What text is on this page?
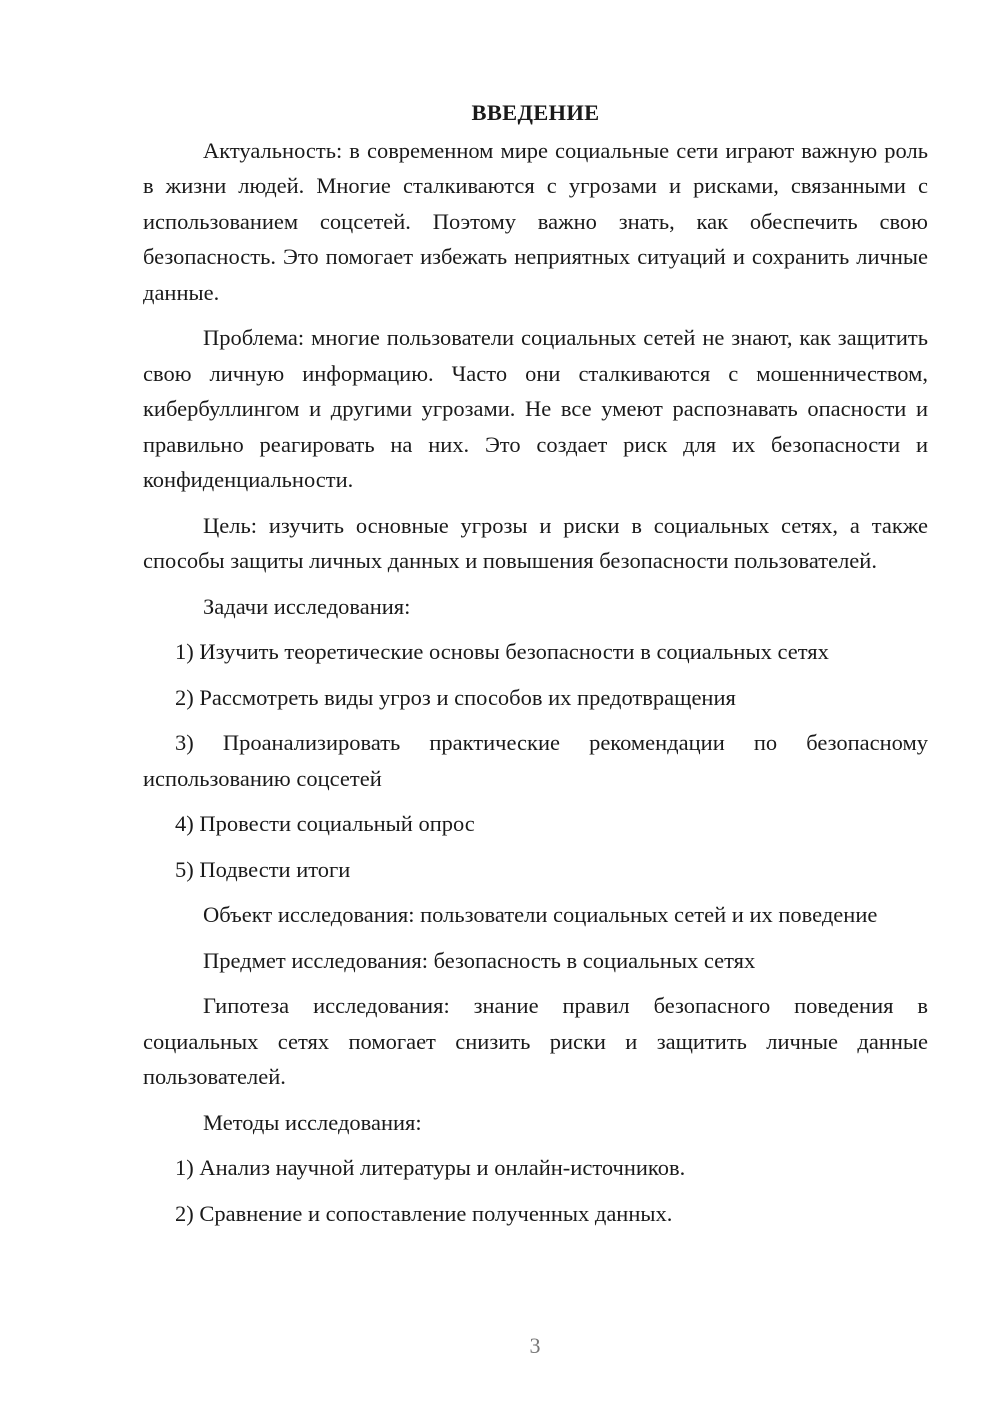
ВВЕДЕНИЕ

Актуальность: в современном мире социальные сети играют важную роль в жизни людей. Многие сталкиваются с угрозами и рисками, связанными с использованием соцсетей. Поэтому важно знать, как обеспечить свою безопасность. Это помогает избежать неприятных ситуаций и сохранить личные данные.

Проблема: многие пользователи социальных сетей не знают, как защитить свою личную информацию. Часто они сталкиваются с мошенничеством, кибербуллингом и другими угрозами. Не все умеют распознавать опасности и правильно реагировать на них. Это создает риск для их безопасности и конфиденциальности.

Цель: изучить основные угрозы и риски в социальных сетях, а также способы защиты личных данных и повышения безопасности пользователей.

Задачи исследования:

1) Изучить теоретические основы безопасности в социальных сетях

2) Рассмотреть виды угроз и способов их предотвращения

3) Проанализировать практические рекомендации по безопасному использованию соцсетей

4) Провести социальный опрос

5) Подвести итоги

Объект исследования: пользователи социальных сетей и их поведение

Предмет исследования: безопасность в социальных сетях

Гипотеза исследования: знание правил безопасного поведения в социальных сетях помогает снизить риски и защитить личные данные пользователей.

Методы исследования:

1) Анализ научной литературы и онлайн-источников.

2) Сравнение и сопоставление полученных данных.

3
